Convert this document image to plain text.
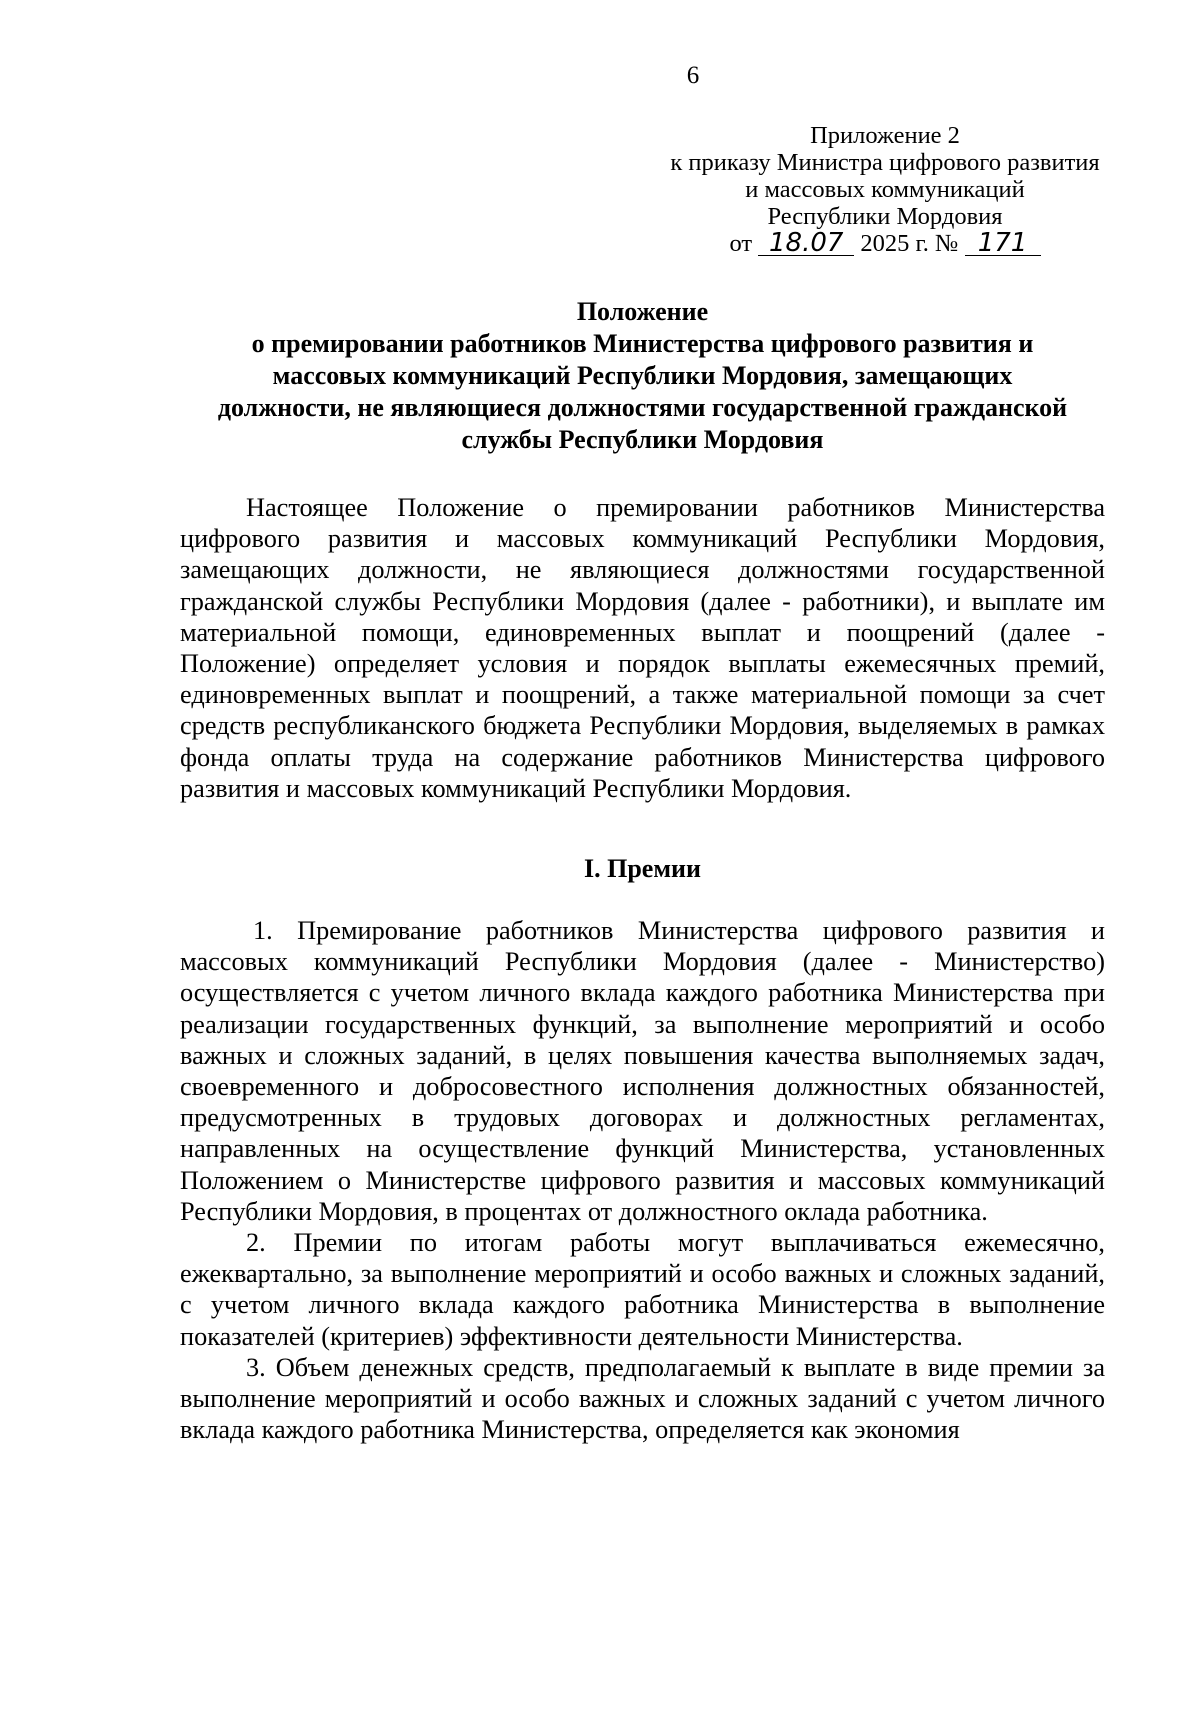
6
Приложение 2
к приказу Министра цифрового развития
и массовых коммуникаций
Республики Мордовия
от 18.07 2025 г. № 171
Положение
о премировании работников Министерства цифрового развития и
массовых коммуникаций Республики Мордовия, замещающих
должности, не являющиеся должностями государственной гражданской
службы Республики Мордовия

Настоящее Положение о премировании работников Министерства цифрового развития и массовых коммуникаций Республики Мордовия, замещающих должности, не являющиеся должностями государственной гражданской службы Республики Мордовия (далее - работники), и выплате им материальной помощи, единовременных выплат и поощрений (далее - Положение) определяет условия и порядок выплаты ежемесячных премий, единовременных выплат и поощрений, а также материальной помощи за счет средств республиканского бюджета Республики Мордовия, выделяемых в рамках фонда оплаты труда на содержание работников Министерства цифрового развития и массовых коммуникаций Республики Мордовия.

I. Премии

1. Премирование работников Министерства цифрового развития и массовых коммуникаций Республики Мордовия (далее - Министерство) осуществляется с учетом личного вклада каждого работника Министерства при реализации государственных функций, за выполнение мероприятий и особо важных и сложных заданий, в целях повышения качества выполняемых задач, своевременного и добросовестного исполнения должностных обязанностей, предусмотренных в трудовых договорах и должностных регламентах, направленных на осуществление функций Министерства, установленных Положением о Министерстве цифрового развития и массовых коммуникаций Республики Мордовия, в процентах от должностного оклада работника.

2. Премии по итогам работы могут выплачиваться ежемесячно, ежеквартально, за выполнение мероприятий и особо важных и сложных заданий, с учетом личного вклада каждого работника Министерства в выполнение показателей (критериев) эффективности деятельности Министерства.

3. Объем денежных средств, предполагаемый к выплате в виде премии за выполнение мероприятий и особо важных и сложных заданий с учетом личного вклада каждого работника Министерства, определяется как экономия
